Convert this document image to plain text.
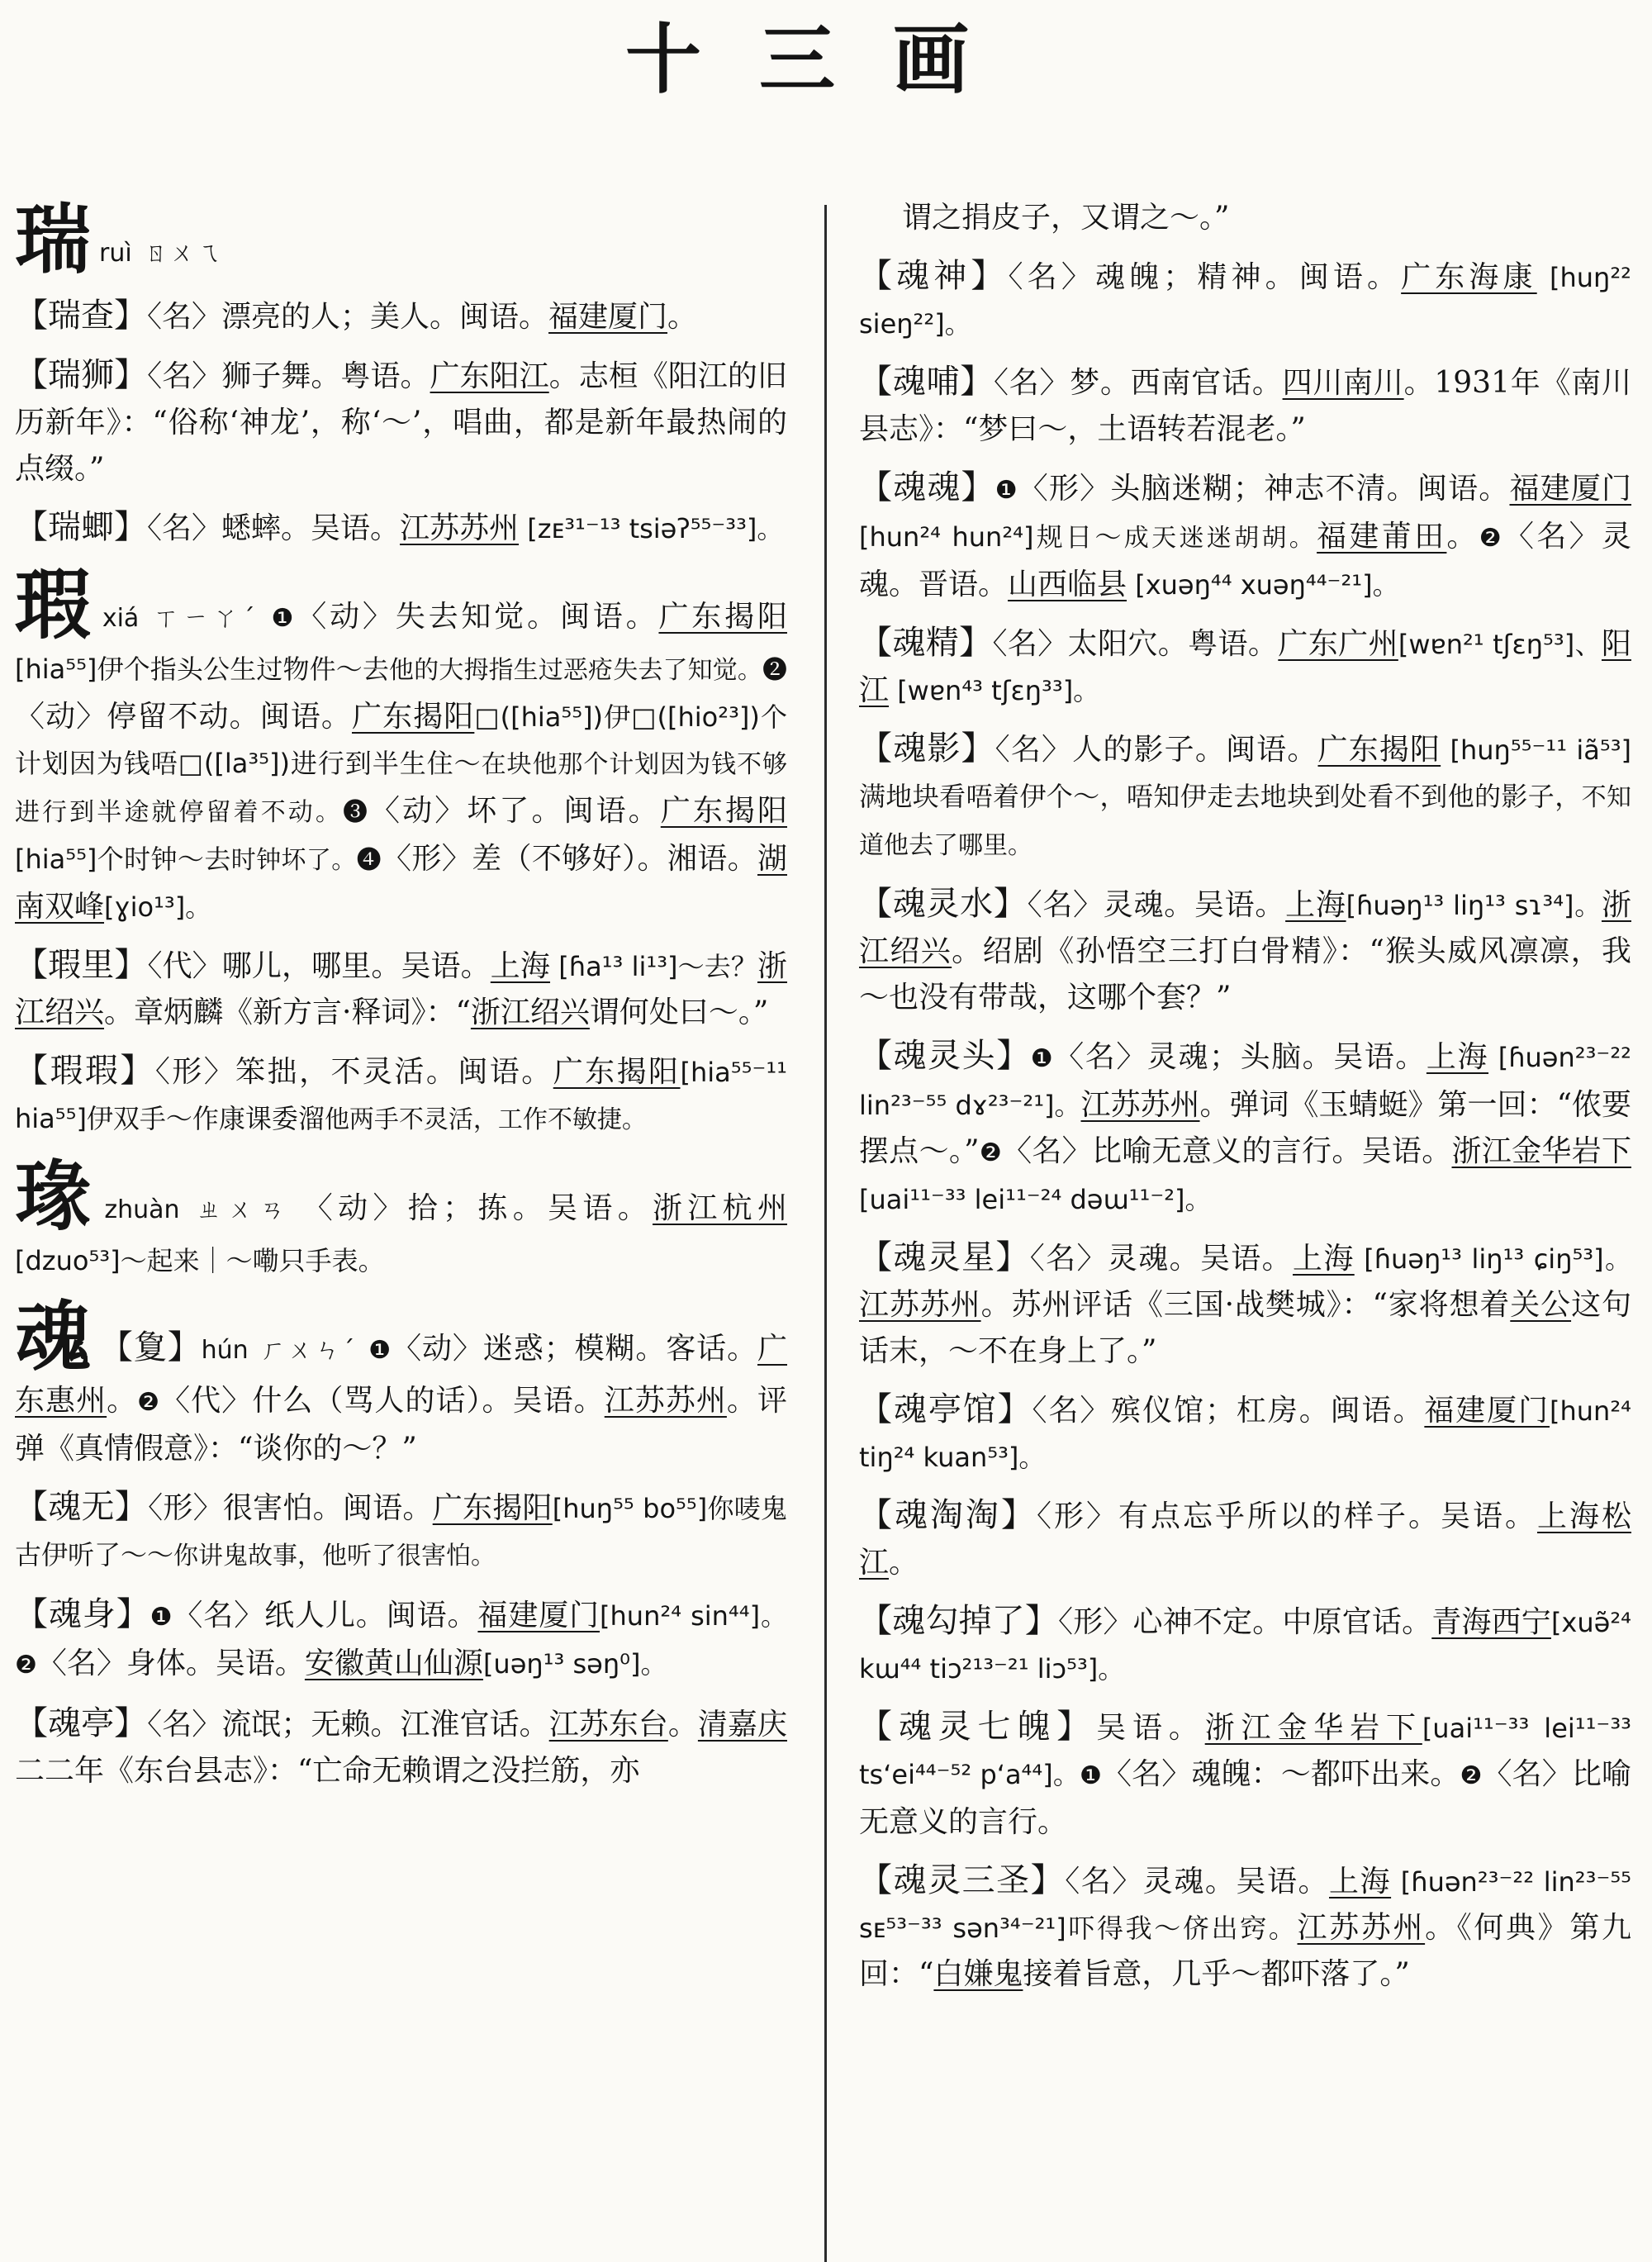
十三画
瑞ruì ㄖㄨㄟ
【瑞查】〈名〉漂亮的人；美人。闽语。福建厦门。
【瑞狮】〈名〉狮子舞。粤语。广东阳江。志桓《阳江的旧历新年》：“俗称‘神龙’，称‘～’，唱曲，都是新年最热闹的点缀。”
【瑞蝍】〈名〉蟋蟀。吴语。江苏苏州 [zᴇ³¹⁻¹³ tsiəʔ⁵⁵⁻³³]。
瑕xiá ㄒㄧㄚˊ ❶〈动〉失去知觉。闽语。广东揭阳[hia⁵⁵]伊个指头公生过物件～去他的大拇指生过恶疮失去了知觉。❷〈动〉停留不动。闽语。广东揭阳□([hia⁵⁵])伊□([hio²³])个计划因为钱唔□([la³⁵])进行到半生住～在块他那个计划因为钱不够进行到半途就停留着不动。❸〈动〉坏了。闽语。广东揭阳 [hia⁵⁵]个时钟～去时钟坏了。❹〈形〉差（不够好）。湘语。湖南双峰[ɣio¹³]。
【瑕里】〈代〉哪儿，哪里。吴语。上海 [ɦa¹³ li¹³]～去？浙江绍兴。章炳麟《新方言·释词》：“浙江绍兴谓何处曰～。”
【瑕瑕】〈形〉笨拙，不灵活。闽语。广东揭阳[hia⁵⁵⁻¹¹ hia⁵⁵]伊双手～作康课委溜他两手不灵活，工作不敏捷。
瑑zhuàn ㄓㄨㄢ 〈动〉拾；拣。吴语。浙江杭州[dzuo⁵³]～起来｜～嘞只手表。
魂 【夐】hún ㄏㄨㄣˊ ❶〈动〉迷惑；模糊。客话。广东惠州。❷〈代〉什么（骂人的话）。吴语。江苏苏州。评弹《真情假意》：“谈你的～？”
【魂无】〈形〉很害怕。闽语。广东揭阳[huŋ⁵⁵ bo⁵⁵]你唛鬼古伊听了～～你讲鬼故事，他听了很害怕。
【魂身】❶〈名〉纸人儿。闽语。福建厦门[hun²⁴ sin⁴⁴]。❷〈名〉身体。吴语。安徽黄山仙源[uəŋ¹³ səŋ⁰]。
【魂亭】〈名〉流氓；无赖。江淮官话。江苏东台。清嘉庆二二年《东台县志》：“亡命无赖谓之没拦筋，亦
谓之捐皮子，又谓之～。”
【魂神】〈名〉魂魄；精神。闽语。广东海康 [huŋ²² sieŋ²²]。
【魂哺】〈名〉梦。西南官话。四川南川。1931年《南川县志》：“梦曰～，土语转若混老。”
【魂魂】❶〈形〉头脑迷糊；神志不清。闽语。福建厦门 [hun²⁴ hun²⁴]规日～成天迷迷胡胡。福建莆田。❷〈名〉灵魂。晋语。山西临县 [xuəŋ⁴⁴ xuəŋ⁴⁴⁻²¹]。
【魂精】〈名〉太阳穴。粤语。广东广州[wɐn²¹ tʃɛŋ⁵³]、阳江 [wɐn⁴³ tʃɛŋ³³]。
【魂影】〈名〉人的影子。闽语。广东揭阳 [huŋ⁵⁵⁻¹¹ iã⁵³]满地块看唔着伊个～，唔知伊走去地块到处看不到他的影子，不知道他去了哪里。
【魂灵水】〈名〉灵魂。吴语。上海[ɦuəŋ¹³ liŋ¹³ sɿ³⁴]。浙江绍兴。绍剧《孙悟空三打白骨精》：“猴头威风凛凛，我～也没有带哉，这哪个套？”
【魂灵头】❶〈名〉灵魂；头脑。吴语。上海 [ɦuən²³⁻²² lin²³⁻⁵⁵ dɤ²³⁻²¹]。江苏苏州。弹词《玉蜻蜓》第一回：“侬要摆点～。”❷〈名〉比喻无意义的言行。吴语。浙江金华岩下[uai¹¹⁻³³ lei¹¹⁻²⁴ dəɯ¹¹⁻²]。
【魂灵星】〈名〉灵魂。吴语。上海 [ɦuəŋ¹³ liŋ¹³ ɕiŋ⁵³]。江苏苏州。苏州评话《三国·战樊城》：“家将想着关公这句话末，～不在身上了。”
【魂亭馆】〈名〉殡仪馆；杠房。闽语。福建厦门[hun²⁴ tiŋ²⁴ kuan⁵³]。
【魂淘淘】〈形〉有点忘乎所以的样子。吴语。上海松江。
【魂勾掉了】〈形〉心神不定。中原官话。青海西宁[xuə̃²⁴ kɯ⁴⁴ tiɔ²¹³⁻²¹ liɔ⁵³]。
【魂灵七魄】吴语。浙江金华岩下[uai¹¹⁻³³ lei¹¹⁻³³ tsʻei⁴⁴⁻⁵² pʻa⁴⁴]。❶〈名〉魂魄：～都吓出来。❷〈名〉比喻无意义的言行。
【魂灵三圣】〈名〉灵魂。吴语。上海 [ɦuən²³⁻²² lin²³⁻⁵⁵ sᴇ⁵³⁻³³ sən³⁴⁻²¹]吓得我～侪出窍。江苏苏州。《何典》第九回：“白嫌鬼接着旨意，几乎～都吓落了。”
